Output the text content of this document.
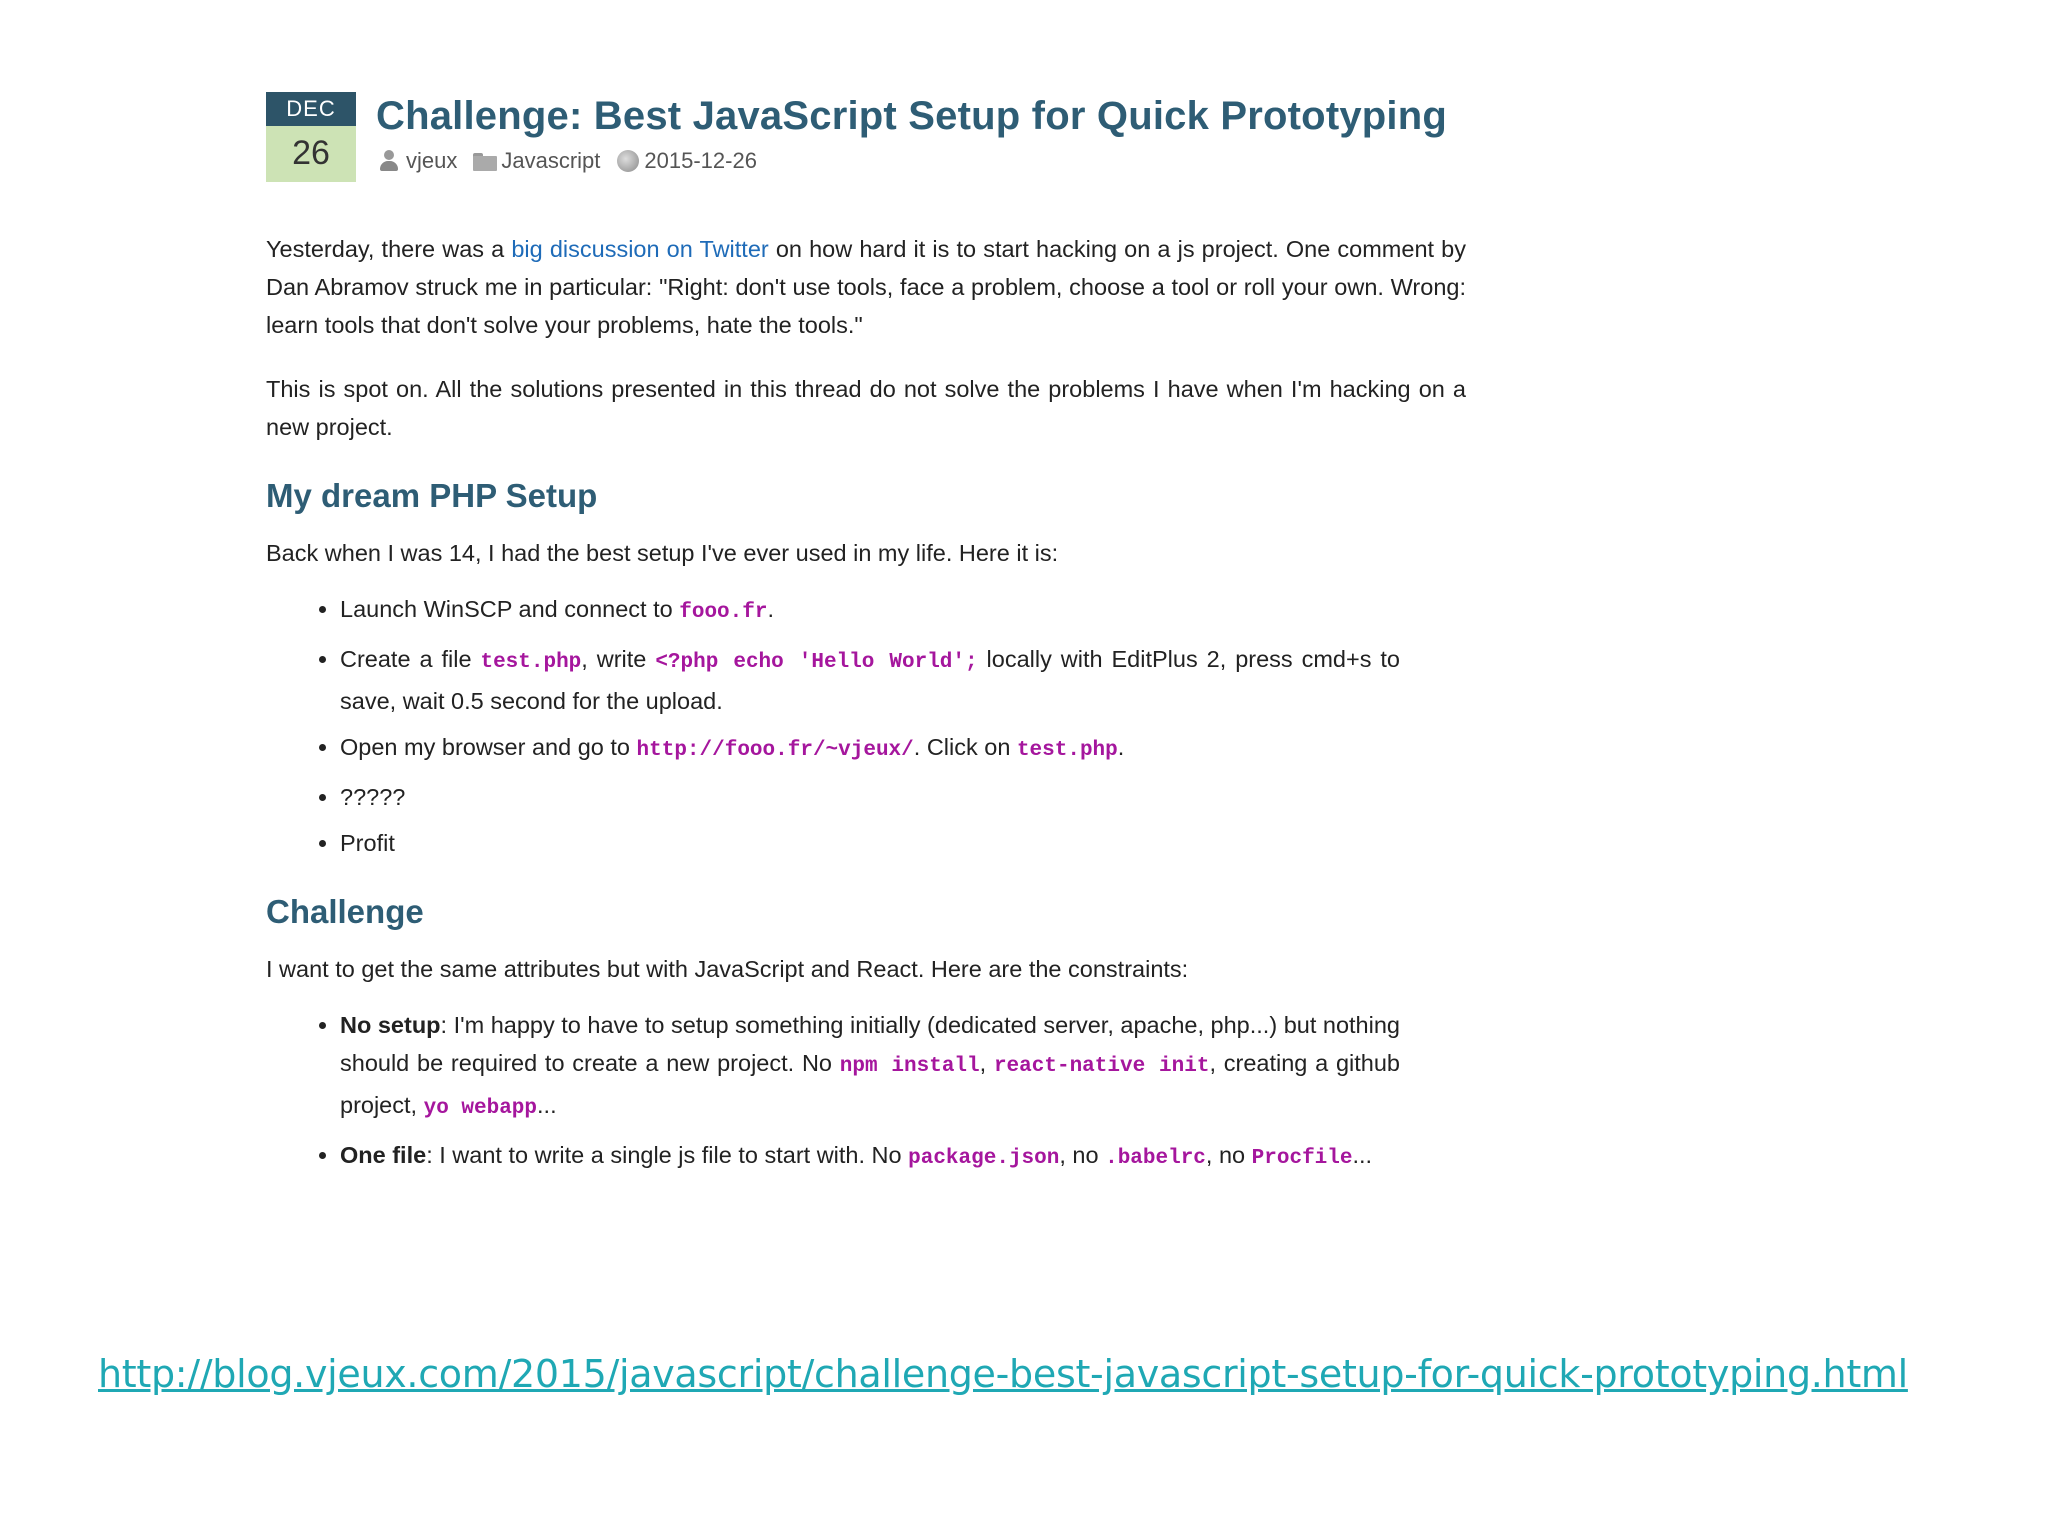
DEC
26
Challenge: Best JavaScript Setup for Quick Prototyping
vjeux Javascript 2015-12-26

Yesterday, there was a big discussion on Twitter on how hard it is to start hacking on a js project. One comment by Dan Abramov struck me in particular: "Right: don't use tools, face a problem, choose a tool or roll your own. Wrong: learn tools that don't solve your problems, hate the tools."

This is spot on. All the solutions presented in this thread do not solve the problems I have when I'm hacking on a new project.

My dream PHP Setup

Back when I was 14, I had the best setup I've ever used in my life. Here it is:

• Launch WinSCP and connect to fooo.fr.
• Create a file test.php, write <?php echo 'Hello World'; locally with EditPlus 2, press cmd+s to save, wait 0.5 second for the upload.
• Open my browser and go to http://fooo.fr/~vjeux/. Click on test.php.
• ?????
• Profit
Challenge

I want to get the same attributes but with JavaScript and React. Here are the constraints:

• No setup: I'm happy to have to setup something initially (dedicated server, apache, php...) but nothing should be required to create a new project. No npm install, react-native init, creating a github project, yo webapp...
• One file: I want to write a single js file to start with. No package.json, no .babelrc, no Procfile...
http://blog.vjeux.com/2015/javascript/challenge-best-javascript-setup-for-quick-prototyping.html
